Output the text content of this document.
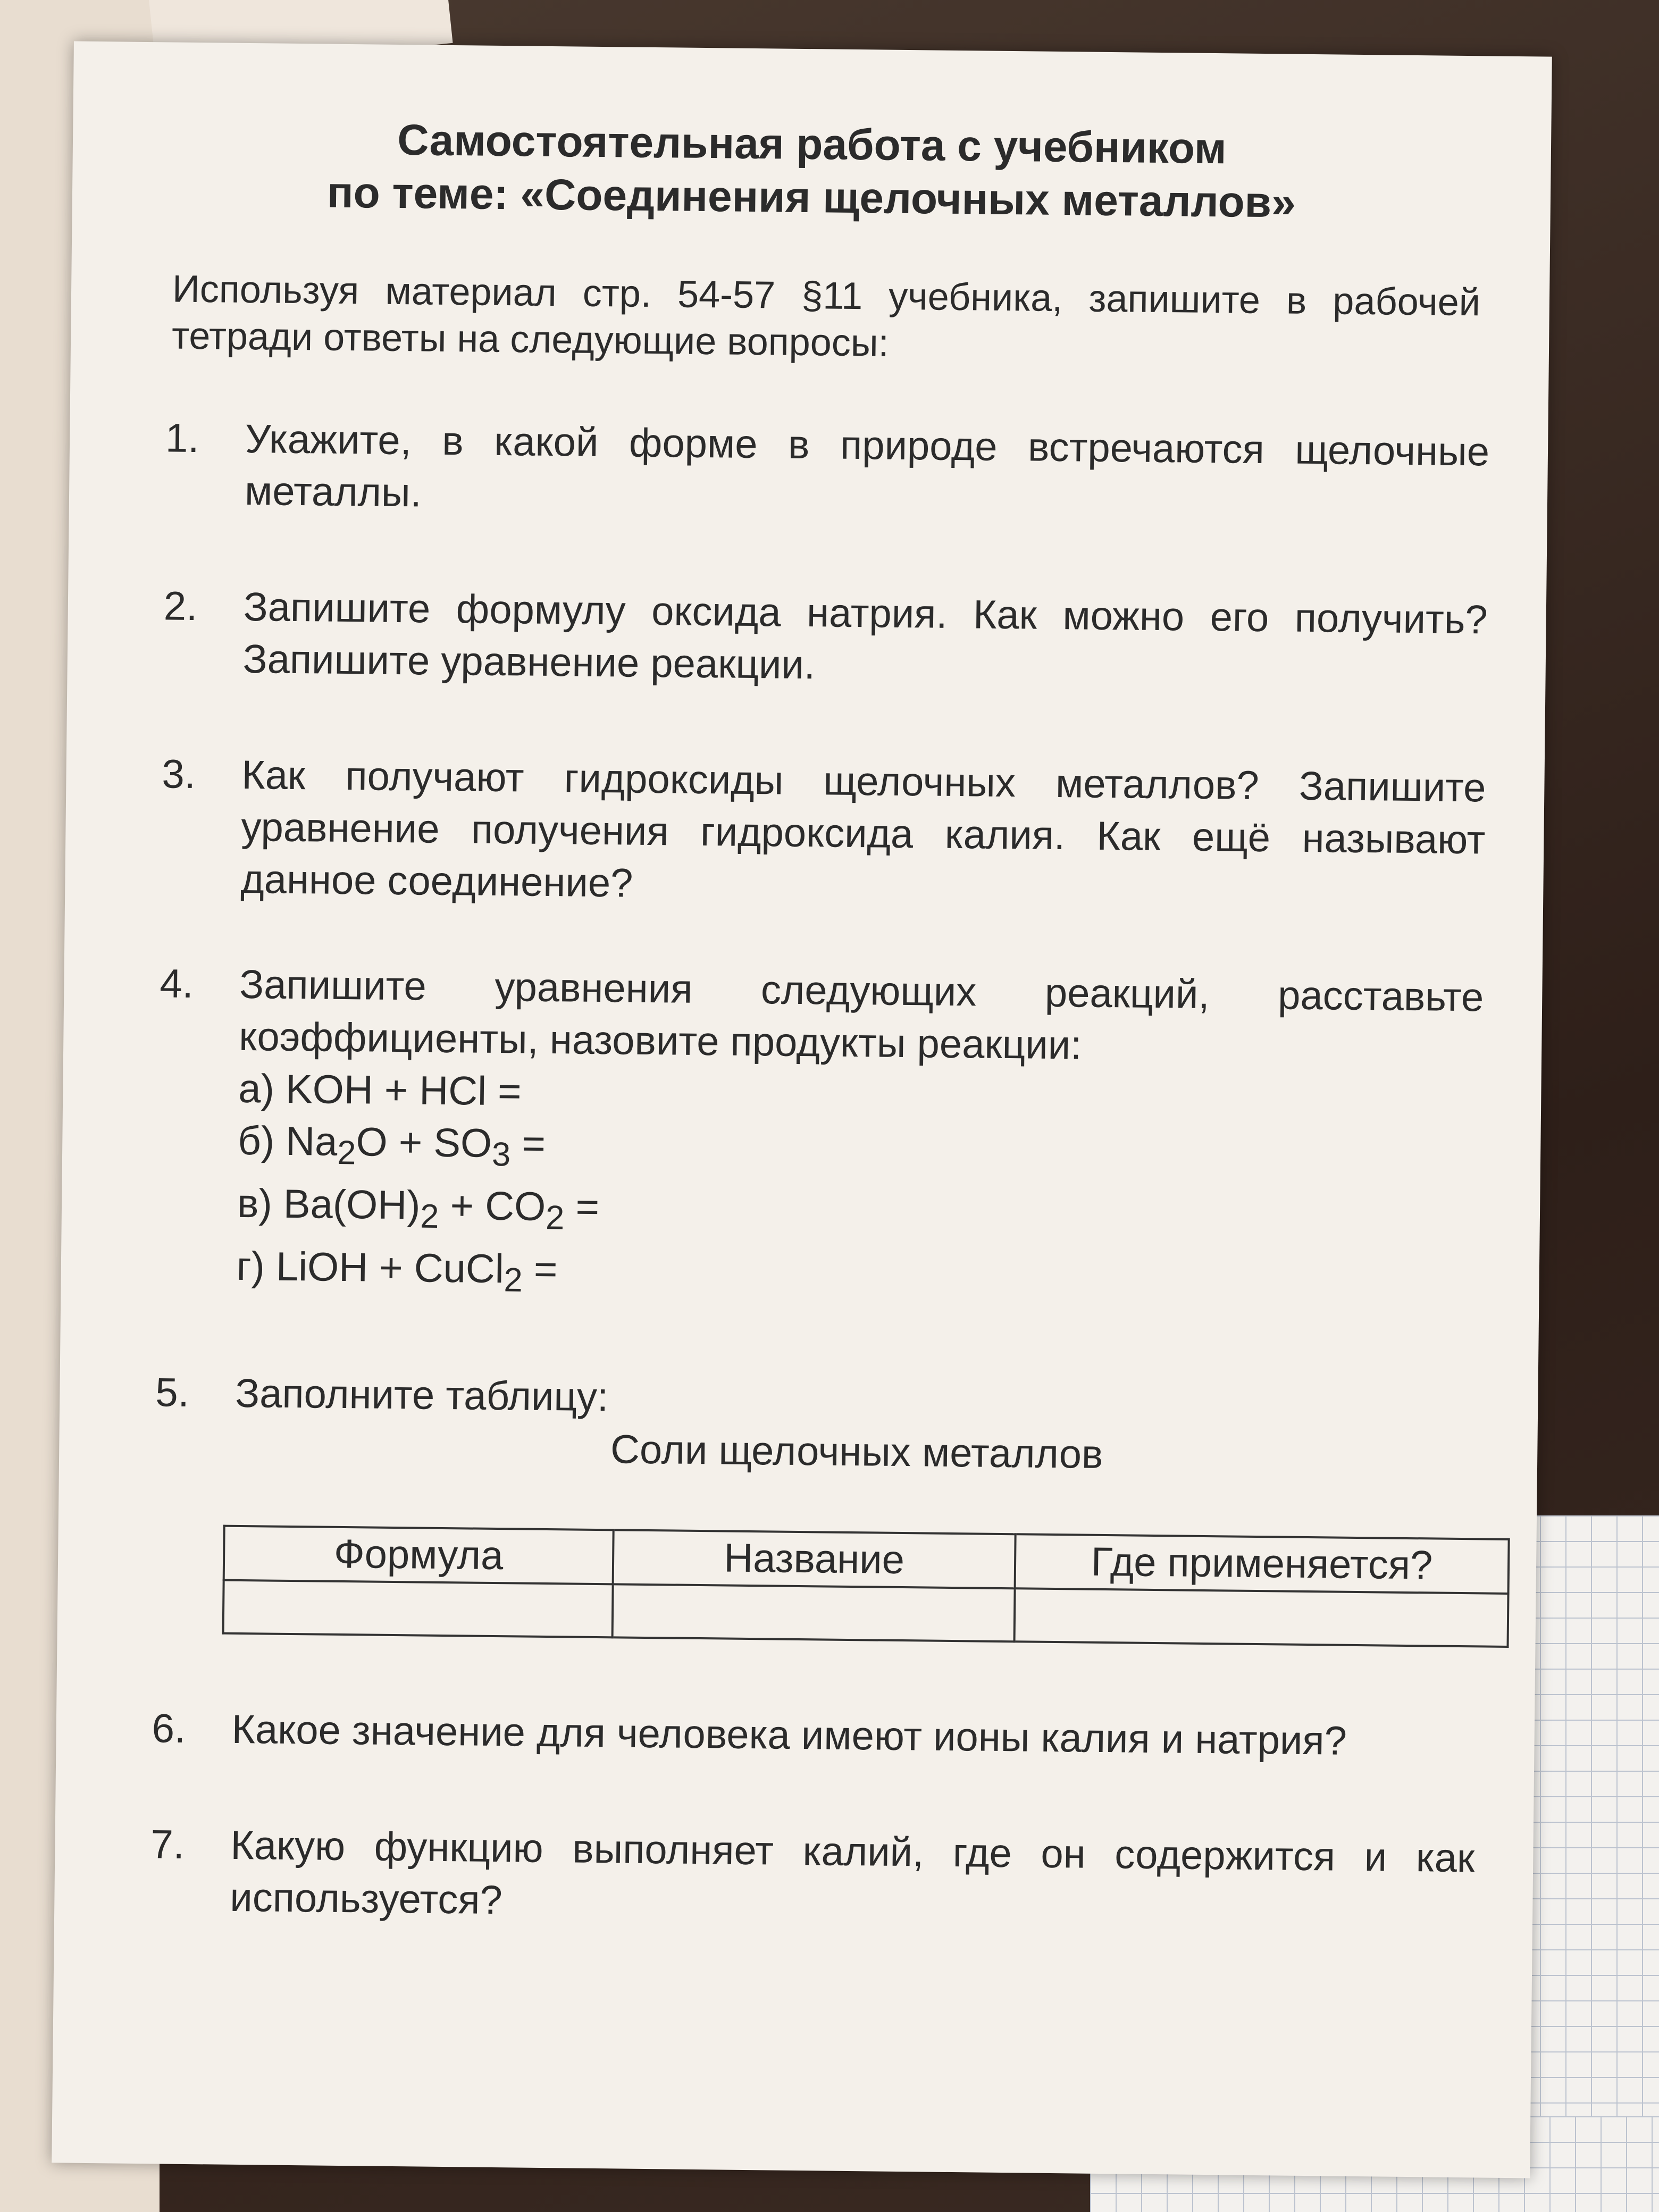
Самостоятельная работа с учебником
по теме: «Соединения щелочных металлов»
Используя материал стр. 54-57 §11 учебника, запишите в рабочей тетради ответы на следующие вопросы:
1. Укажите, в какой форме в природе встречаются щелочные металлы.
2. Запишите формулу оксида натрия. Как можно его получить? Запишите уравнение реакции.
3. Как получают гидроксиды щелочных металлов? Запишите уравнение получения гидроксида калия. Как ещё называют данное соединение?
4. Запишите уравнения следующих реакций, расставьте коэффициенты, назовите продукты реакции:
а) KOH + HCl =
б) $Na_2O + SO_3$ =
в) $Ba(OH)_2 + CO_2$ =
г) LiOH + CuCl$_2$ =
5. Заполните таблицу:
Соли щелочных металлов
Формула	Название	Где применяется?

6. Какое значение для человека имеют ионы калия и натрия?
7. Какую функцию выполняет калий, где он содержится и как используется?
